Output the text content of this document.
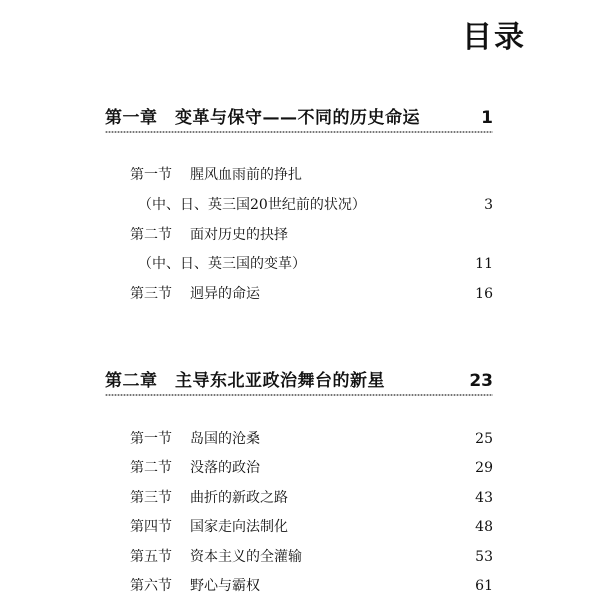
目录
第一章　变革与保守——不同的历史命运	1
第一节 腥风血雨前的挣扎
（中、日、英三国20世纪前的状况）	3
第二节 面对历史的抉择
（中、日、英三国的变革）	11
第三节 迥异的命运	16
第二章　主导东北亚政治舞台的新星	23
第一节 岛国的沧桑	25
第二节 没落的政治	29
第三节 曲折的新政之路	43
第四节 国家走向法制化	48
第五节 资本主义的全灌输	53
第六节 野心与霸权	61
